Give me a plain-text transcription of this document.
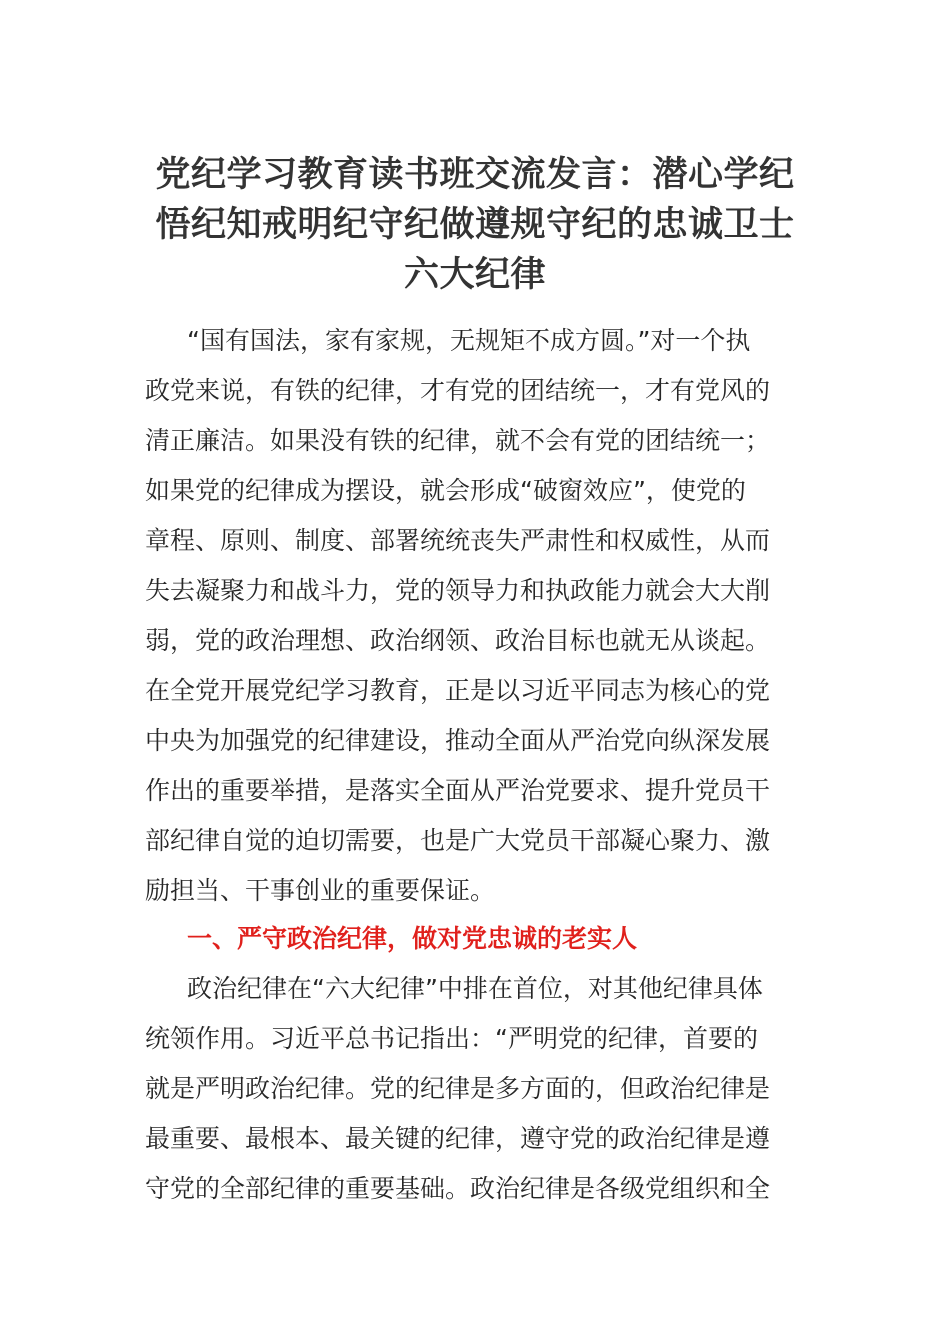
党纪学习教育读书班交流发言：潜心学纪
悟纪知戒明纪守纪做遵规守纪的忠诚卫士
六大纪律
“国有国法，家有家规，无规矩不成方圆。”对一个执
政党来说，有铁的纪律，才有党的团结统一，才有党风的
清正廉洁。如果没有铁的纪律，就不会有党的团结统一；
如果党的纪律成为摆设，就会形成“破窗效应”，使党的
章程、原则、制度、部署统统丧失严肃性和权威性，从而
失去凝聚力和战斗力，党的领导力和执政能力就会大大削
弱，党的政治理想、政治纲领、政治目标也就无从谈起。
在全党开展党纪学习教育，正是以习近平同志为核心的党
中央为加强党的纪律建设，推动全面从严治党向纵深发展
作出的重要举措，是落实全面从严治党要求、提升党员干
部纪律自觉的迫切需要，也是广大党员干部凝心聚力、激
励担当、干事创业的重要保证。
一、严守政治纪律，做对党忠诚的老实人
政治纪律在“六大纪律”中排在首位，对其他纪律具体
统领作用。习近平总书记指出：“严明党的纪律，首要的
就是严明政治纪律。党的纪律是多方面的，但政治纪律是
最重要、最根本、最关键的纪律，遵守党的政治纪律是遵
守党的全部纪律的重要基础。政治纪律是各级党组织和全
